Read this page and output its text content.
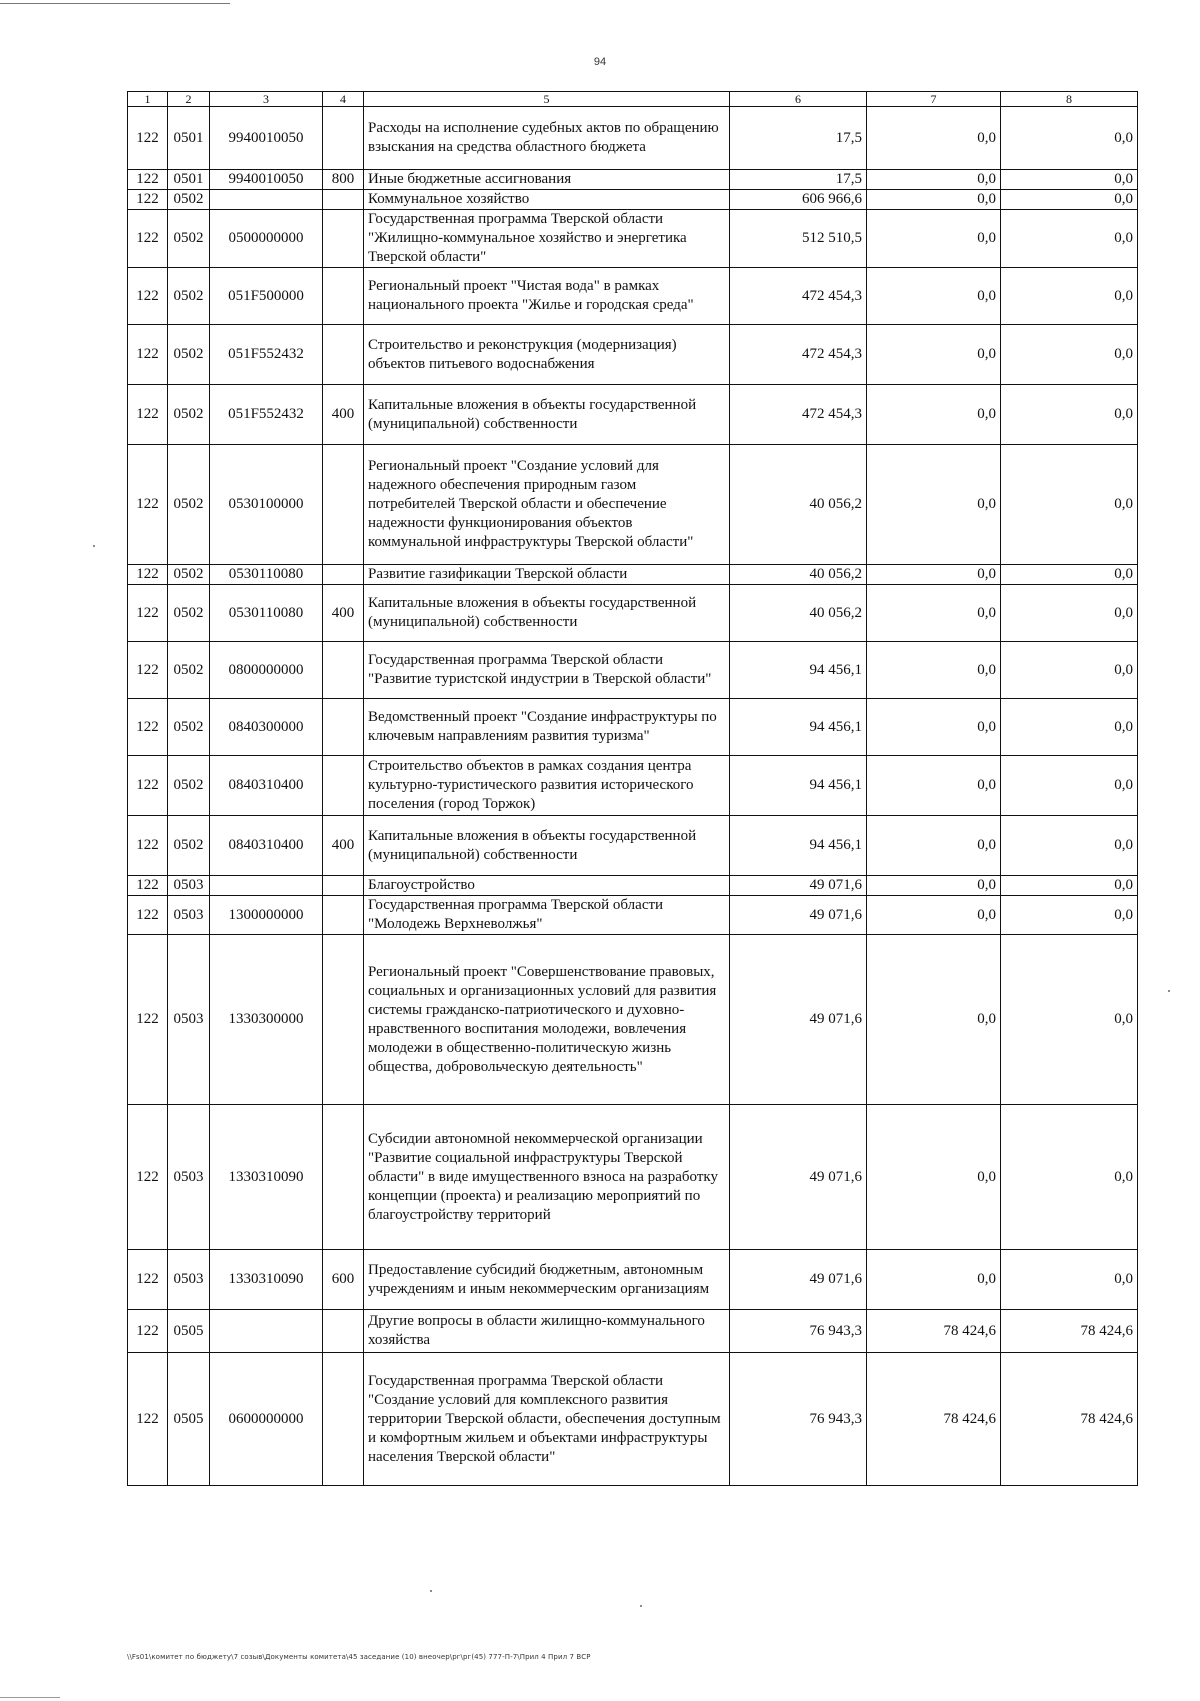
94
1	2	3	4	5	6	7	8
122	0501	9940010050		Расходы на исполнение судебных актов по обращению взыскания на средства областного бюджета	17,5	0,0	0,0
122	0501	9940010050	800	Иные бюджетные ассигнования	17,5	0,0	0,0
122	0502			Коммунальное хозяйство	606 966,6	0,0	0,0
122	0502	0500000000		Государственная программа Тверской области "Жилищно-коммунальное хозяйство и энергетика Тверской области"	512 510,5	0,0	0,0
122	0502	051F500000		Региональный проект "Чистая вода" в рамках национального проекта "Жилье и городская среда"	472 454,3	0,0	0,0
122	0502	051F552432		Строительство и реконструкция (модернизация) объектов питьевого водоснабжения	472 454,3	0,0	0,0
122	0502	051F552432	400	Капитальные вложения в объекты государственной (муниципальной) собственности	472 454,3	0,0	0,0
122	0502	0530100000		Региональный проект "Создание условий для надежного обеспечения природным газом потребителей Тверской области и обеспечение надежности функционирования объектов коммунальной инфраструктуры Тверской области"	40 056,2	0,0	0,0
122	0502	0530110080		Развитие газификации Тверской области	40 056,2	0,0	0,0
122	0502	0530110080	400	Капитальные вложения в объекты государственной (муниципальной) собственности	40 056,2	0,0	0,0
122	0502	0800000000		Государственная программа Тверской области "Развитие туристской индустрии в Тверской области"	94 456,1	0,0	0,0
122	0502	0840300000		Ведомственный проект "Создание инфраструктуры по ключевым направлениям развития туризма"	94 456,1	0,0	0,0
122	0502	0840310400		Строительство объектов в рамках создания центра культурно-туристического развития исторического поселения (город Торжок)	94 456,1	0,0	0,0
122	0502	0840310400	400	Капитальные вложения в объекты государственной (муниципальной) собственности	94 456,1	0,0	0,0
122	0503			Благоустройство	49 071,6	0,0	0,0
122	0503	1300000000		Государственная программа Тверской области "Молодежь Верхневолжья"	49 071,6	0,0	0,0
122	0503	1330300000		Региональный проект "Совершенствование правовых, социальных и организационных условий для развития системы гражданско-патриотического и духовно-нравственного воспитания молодежи, вовлечения молодежи в общественно-политическую жизнь общества, добровольческую деятельность"	49 071,6	0,0	0,0
122	0503	1330310090		Субсидии автономной некоммерческой организации "Развитие социальной инфраструктуры Тверской области" в виде имущественного взноса на разработку концепции (проекта) и реализацию мероприятий по благоустройству территорий	49 071,6	0,0	0,0
122	0503	1330310090	600	Предоставление субсидий бюджетным, автономным учреждениям и иным некоммерческим организациям	49 071,6	0,0	0,0
122	0505			Другие вопросы в области жилищно-коммунального хозяйства	76 943,3	78 424,6	78 424,6
122	0505	0600000000		Государственная программа Тверской области "Создание условий для комплексного развития территории Тверской области, обеспечения доступным и комфортным жильем и объектами инфраструктуры населения Тверской области"	76 943,3	78 424,6	78 424,6
\\Fs01\комитет по бюджету\7 созыв\Документы комитета\45 заседание (10) внеочер\рг\рг(45) 777-П-7\Прил 4 Прил 7 ВСР
